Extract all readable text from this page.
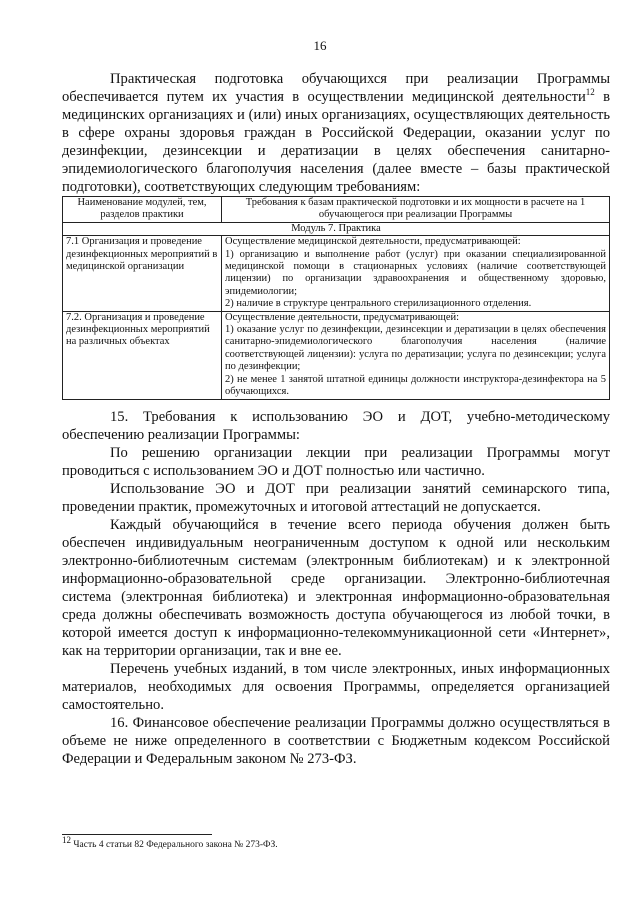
16

Практическая подготовка обучающихся при реализации Программы обеспечивается путем их участия в осуществлении медицинской деятельности$^{12}$ в медицинских организациях и (или) иных организациях, осуществляющих деятельность в сфере охраны здоровья граждан в Российской Федерации, оказании услуг по дезинфекции, дезинсекции и дератизации в целях обеспечения санитарно-эпидемиологического благополучия населения (далее вместе – базы практической подготовки), соответствующих следующим требованиям:

Наименование модулей, тем, разделов практики	Требования к базам практической подготовки и их мощности в расчете на 1 обучающегося при реализации Программы
Модуль 7. Практика	
7.1 Организация и проведение дезинфекционных мероприятий в медицинской организации	Осуществление медицинской деятельности, предусматривающей:
1) организацию и выполнение работ (услуг) при оказании специализированной медицинской помощи в стационарных условиях (наличие соответствующей лицензии) по организации здравоохранения и общественному здоровью, эпидемиологии;
2) наличие в структуре центрального стерилизационного отделения.

7.2. Организация и проведение дезинфекционных мероприятий на различных объектах	Осуществление деятельности, предусматривающей:
1) оказание услуг по дезинфекции, дезинсекции и дератизации в целях обеспечения санитарно-эпидемиологического благополучия населения (наличие соответствующей лицензии): услуга по дератизации; услуга по дезинсекции; услуга по дезинфекции;
2) не менее 1 занятой штатной единицы должности инструктора-дезинфектора на 5 обучающихся.

15. Требования к использованию ЭО и ДОТ, учебно-методическому обеспечению реализации Программы:

По решению организации лекции при реализации Программы могут проводиться с использованием ЭО и ДОТ полностью или частично.

Использование ЭО и ДОТ при реализации занятий семинарского типа, проведении практик, промежуточных и итоговой аттестаций не допускается.

Каждый обучающийся в течение всего периода обучения должен быть обеспечен индивидуальным неограниченным доступом к одной или нескольким электронно-библиотечным системам (электронным библиотекам) и к электронной информационно-образовательной среде организации. Электронно-библиотечная система (электронная библиотека) и электронная информационно-образовательная среда должны обеспечивать возможность доступа обучающегося из любой точки, в которой имеется доступ к информационно-телекоммуникационной сети «Интернет», как на территории организации, так и вне ее.

Перечень учебных изданий, в том числе электронных, иных информационных материалов, необходимых для освоения Программы, определяется организацией самостоятельно.

16. Финансовое обеспечение реализации Программы должно осуществляться в объеме не ниже определенного в соответствии с Бюджетным кодексом Российской Федерации и Федеральным законом № 273-ФЗ.

$^{12}$ Часть 4 статьи 82 Федерального закона № 273-ФЗ.
